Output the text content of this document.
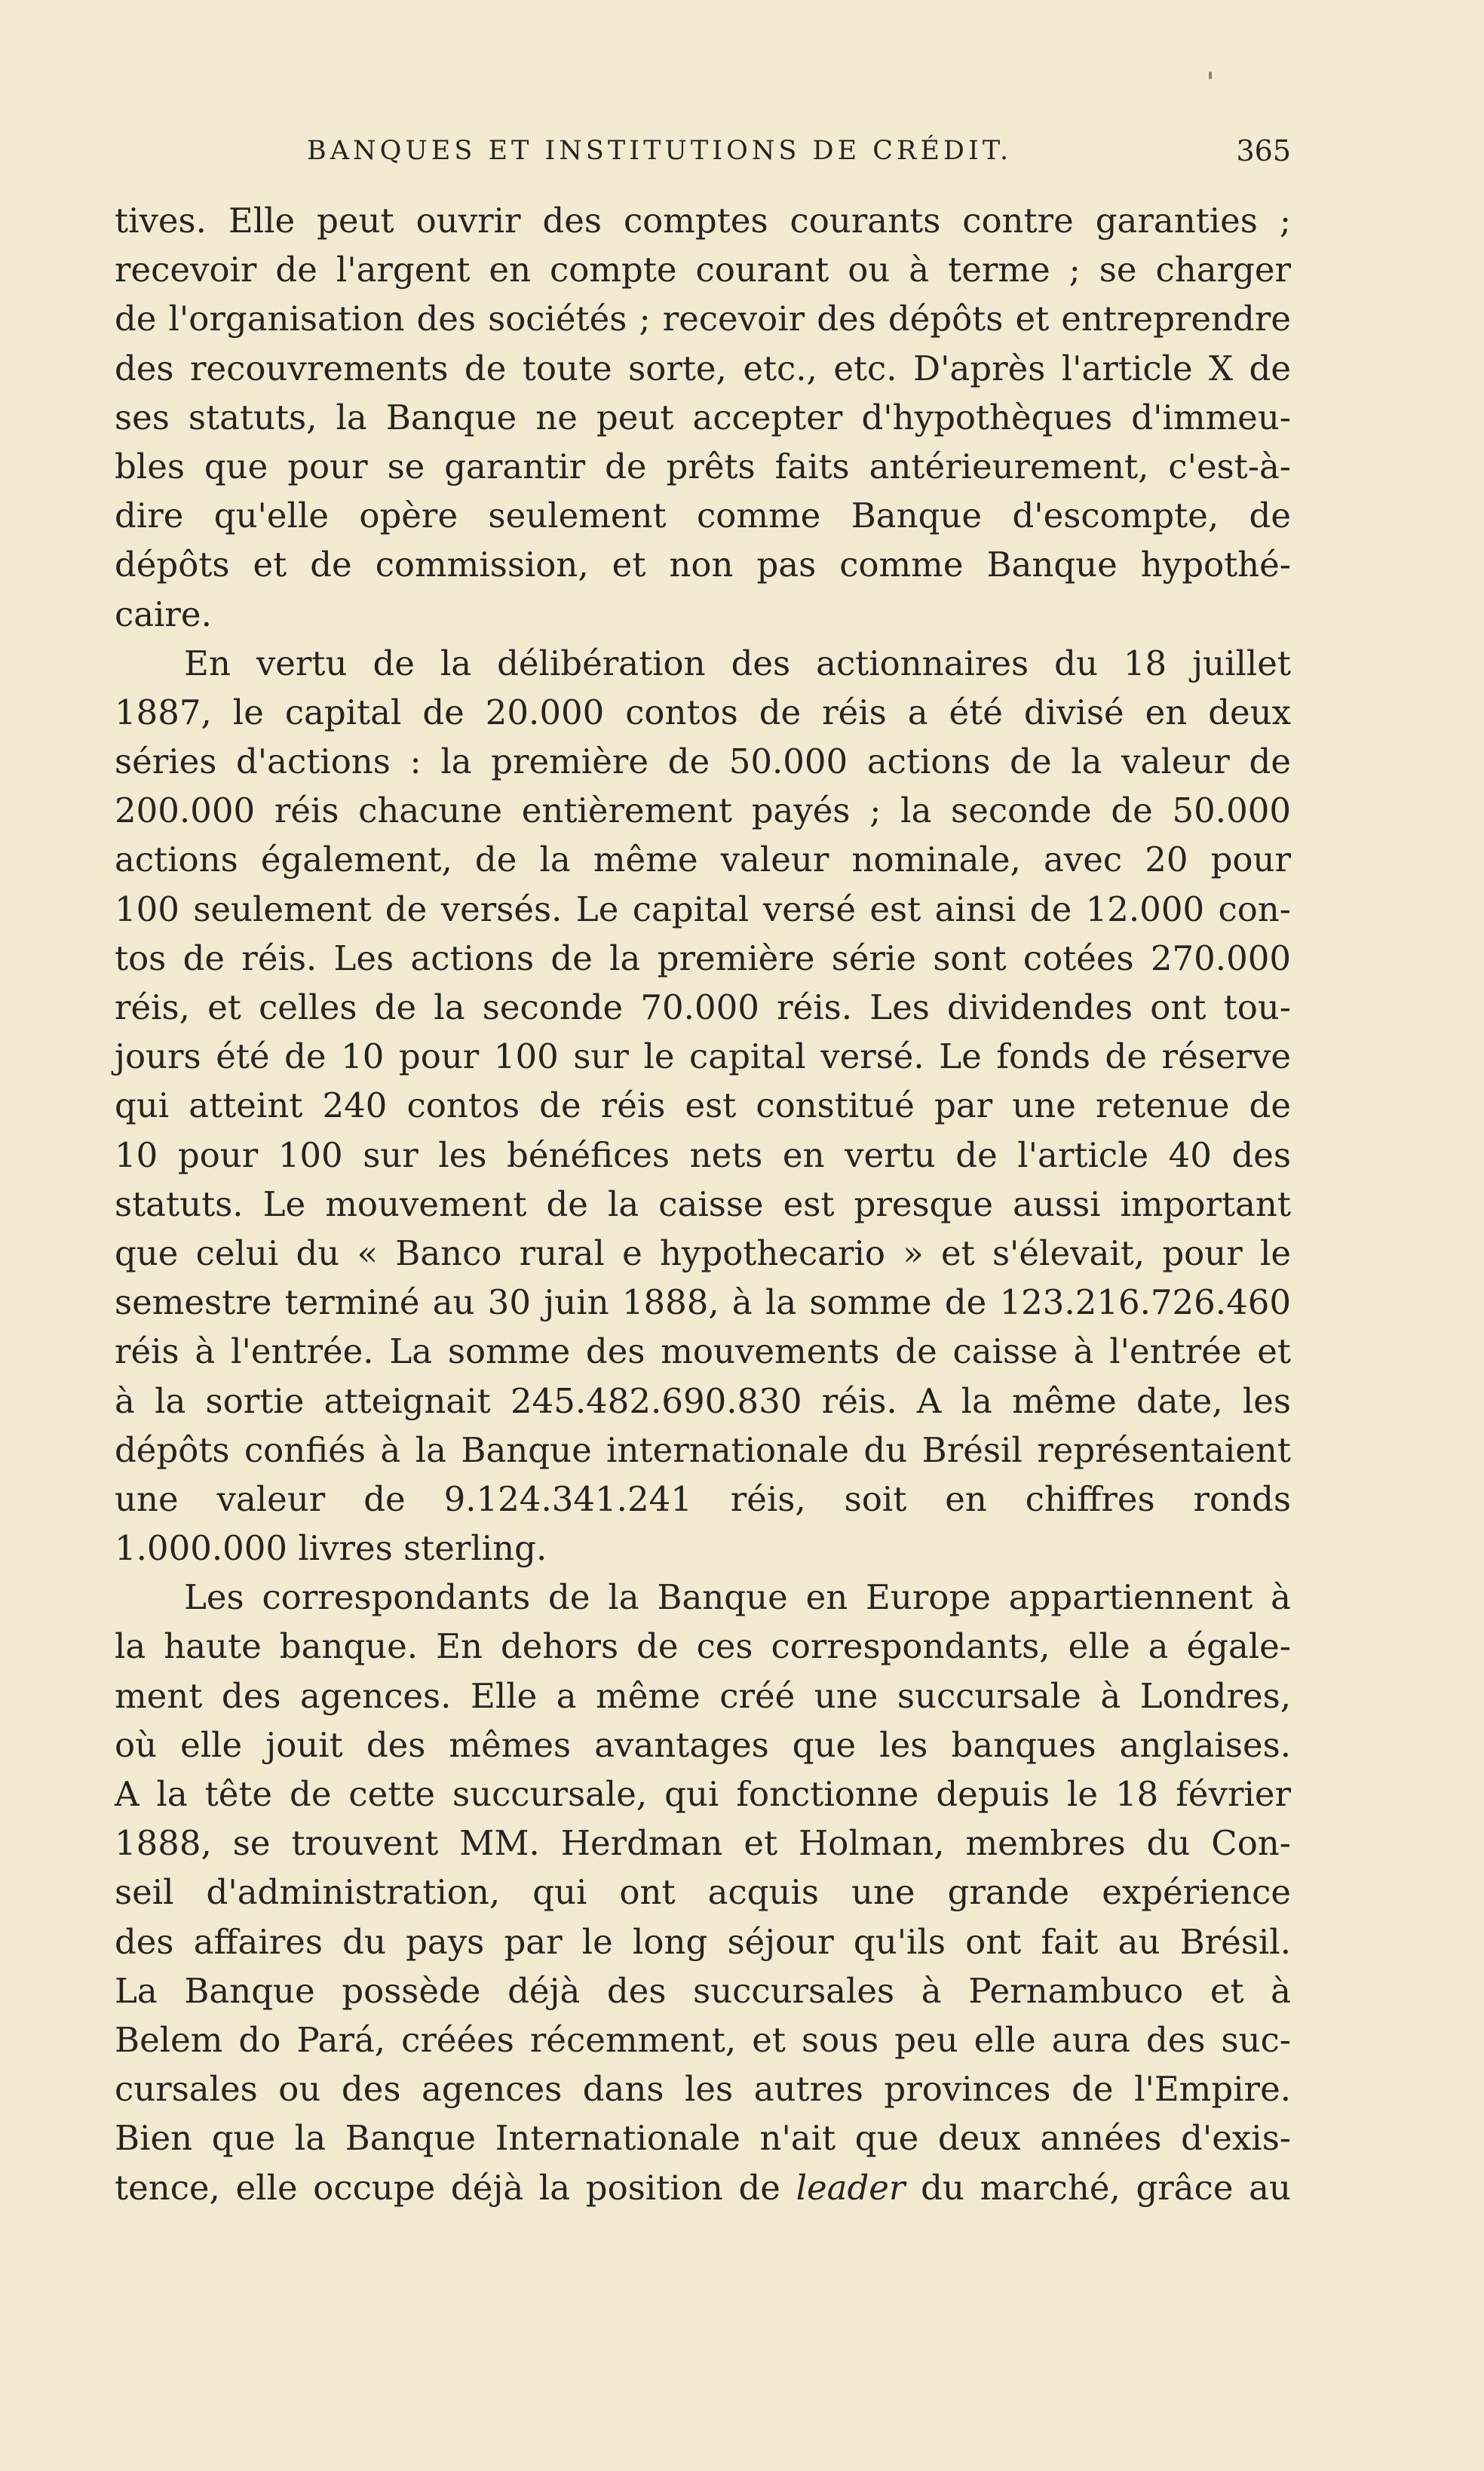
BANQUES ET INSTITUTIONS DE CRÉDIT.	365
tives. Elle peut ouvrir des comptes courants contre garanties ;
recevoir de l'argent en compte courant ou à terme ; se charger
de l'organisation des sociétés ; recevoir des dépôts et entreprendre
des recouvrements de toute sorte, etc., etc. D'après l'article X de
ses statuts, la Banque ne peut accepter d'hypothèques d'immeu-
bles que pour se garantir de prêts faits antérieurement, c'est-à-
dire qu'elle opère seulement comme Banque d'escompte, de
dépôts et de commission, et non pas comme Banque hypothé-
caire.
En vertu de la délibération des actionnaires du 18 juillet
1887, le capital de 20.000 contos de réis a été divisé en deux
séries d'actions : la première de 50.000 actions de la valeur de
200.000 réis chacune entièrement payés ; la seconde de 50.000
actions également, de la même valeur nominale, avec 20 pour
100 seulement de versés. Le capital versé est ainsi de 12.000 con-
tos de réis. Les actions de la première série sont cotées 270.000
réis, et celles de la seconde 70.000 réis. Les dividendes ont tou-
jours été de 10 pour 100 sur le capital versé. Le fonds de réserve
qui atteint 240 contos de réis est constitué par une retenue de
10 pour 100 sur les bénéfices nets en vertu de l'article 40 des
statuts. Le mouvement de la caisse est presque aussi important
que celui du « Banco rural e hypothecario » et s'élevait, pour le
semestre terminé au 30 juin 1888, à la somme de 123.216.726.460
réis à l'entrée. La somme des mouvements de caisse à l'entrée et
à la sortie atteignait 245.482.690.830 réis. A la même date, les
dépôts confiés à la Banque internationale du Brésil représentaient
une valeur de 9.124.341.241 réis, soit en chiffres ronds
1.000.000 livres sterling.
Les correspondants de la Banque en Europe appartiennent à
la haute banque. En dehors de ces correspondants, elle a égale-
ment des agences. Elle a même créé une succursale à Londres,
où elle jouit des mêmes avantages que les banques anglaises.
A la tête de cette succursale, qui fonctionne depuis le 18 février
1888, se trouvent MM. Herdman et Holman, membres du Con-
seil d'administration, qui ont acquis une grande expérience
des affaires du pays par le long séjour qu'ils ont fait au Brésil.
La Banque possède déjà des succursales à Pernambuco et à
Belem do Pará, créées récemment, et sous peu elle aura des suc-
cursales ou des agences dans les autres provinces de l'Empire.
Bien que la Banque Internationale n'ait que deux années d'exis-
tence, elle occupe déjà la position de leader du marché, grâce au
